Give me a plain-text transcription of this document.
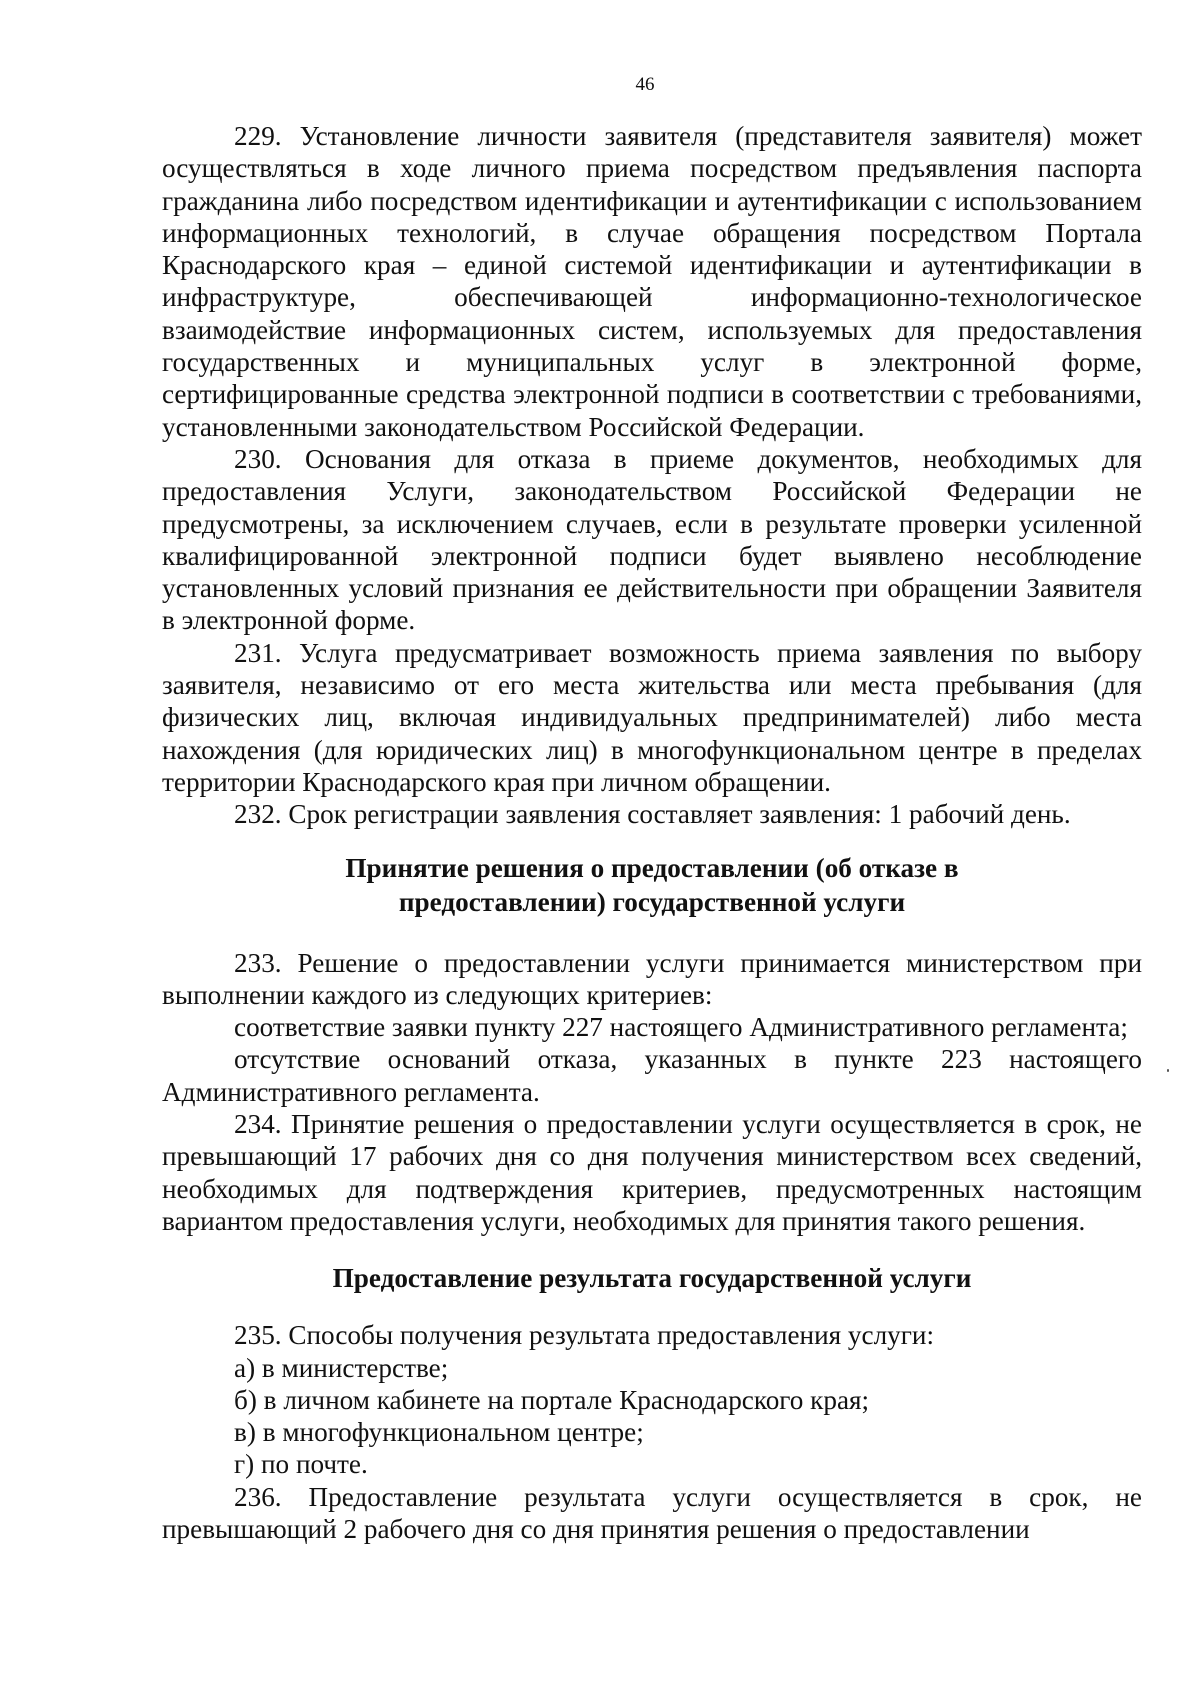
46

229. Установление личности заявителя (представителя заявителя) может осуществляться в ходе личного приема посредством предъявления паспорта гражданина либо посредством идентификации и аутентификации с использованием информационных технологий, в случае обращения посредством Портала Краснодарского края – единой системой идентификации и аутентификации в инфраструктуре, обеспечивающей информационно-технологическое взаимодействие информационных систем, используемых для предоставления государственных и муниципальных услуг в электронной форме, сертифицированные средства электронной подписи в соответствии с требованиями, установленными законодательством Российской Федерации.

230. Основания для отказа в приеме документов, необходимых для предоставления Услуги, законодательством Российской Федерации не предусмотрены, за исключением случаев, если в результате проверки усиленной квалифицированной электронной подписи будет выявлено несоблюдение установленных условий признания ее действительности при обращении Заявителя в электронной форме.

231. Услуга предусматривает возможность приема заявления по выбору заявителя, независимо от его места жительства или места пребывания (для физических лиц, включая индивидуальных предпринимателей) либо места нахождения (для юридических лиц) в многофункциональном центре в пределах территории Краснодарского края при личном обращении.

232. Срок регистрации заявления составляет заявления: 1 рабочий день.

Принятие решения о предоставлении (об отказе в
предоставлении) государственной услуги

233. Решение о предоставлении услуги принимается министерством при выполнении каждого из следующих критериев:

соответствие заявки пункту 227 настоящего Административного регламента;

отсутствие оснований отказа, указанных в пункте 223 настоящего Административного регламента.

234. Принятие решения о предоставлении услуги осуществляется в срок, не превышающий 17 рабочих дня со дня получения министерством всех сведений, необходимых для подтверждения критериев, предусмотренных настоящим вариантом предоставления услуги, необходимых для принятия такого решения.

Предоставление результата государственной услуги

235. Способы получения результата предоставления услуги:

а) в министерстве;

б) в личном кабинете на портале Краснодарского края;

в) в многофункциональном центре;

г) по почте.

236. Предоставление результата услуги осуществляется в срок, не превышающий 2 рабочего дня со дня принятия решения о предоставлении
